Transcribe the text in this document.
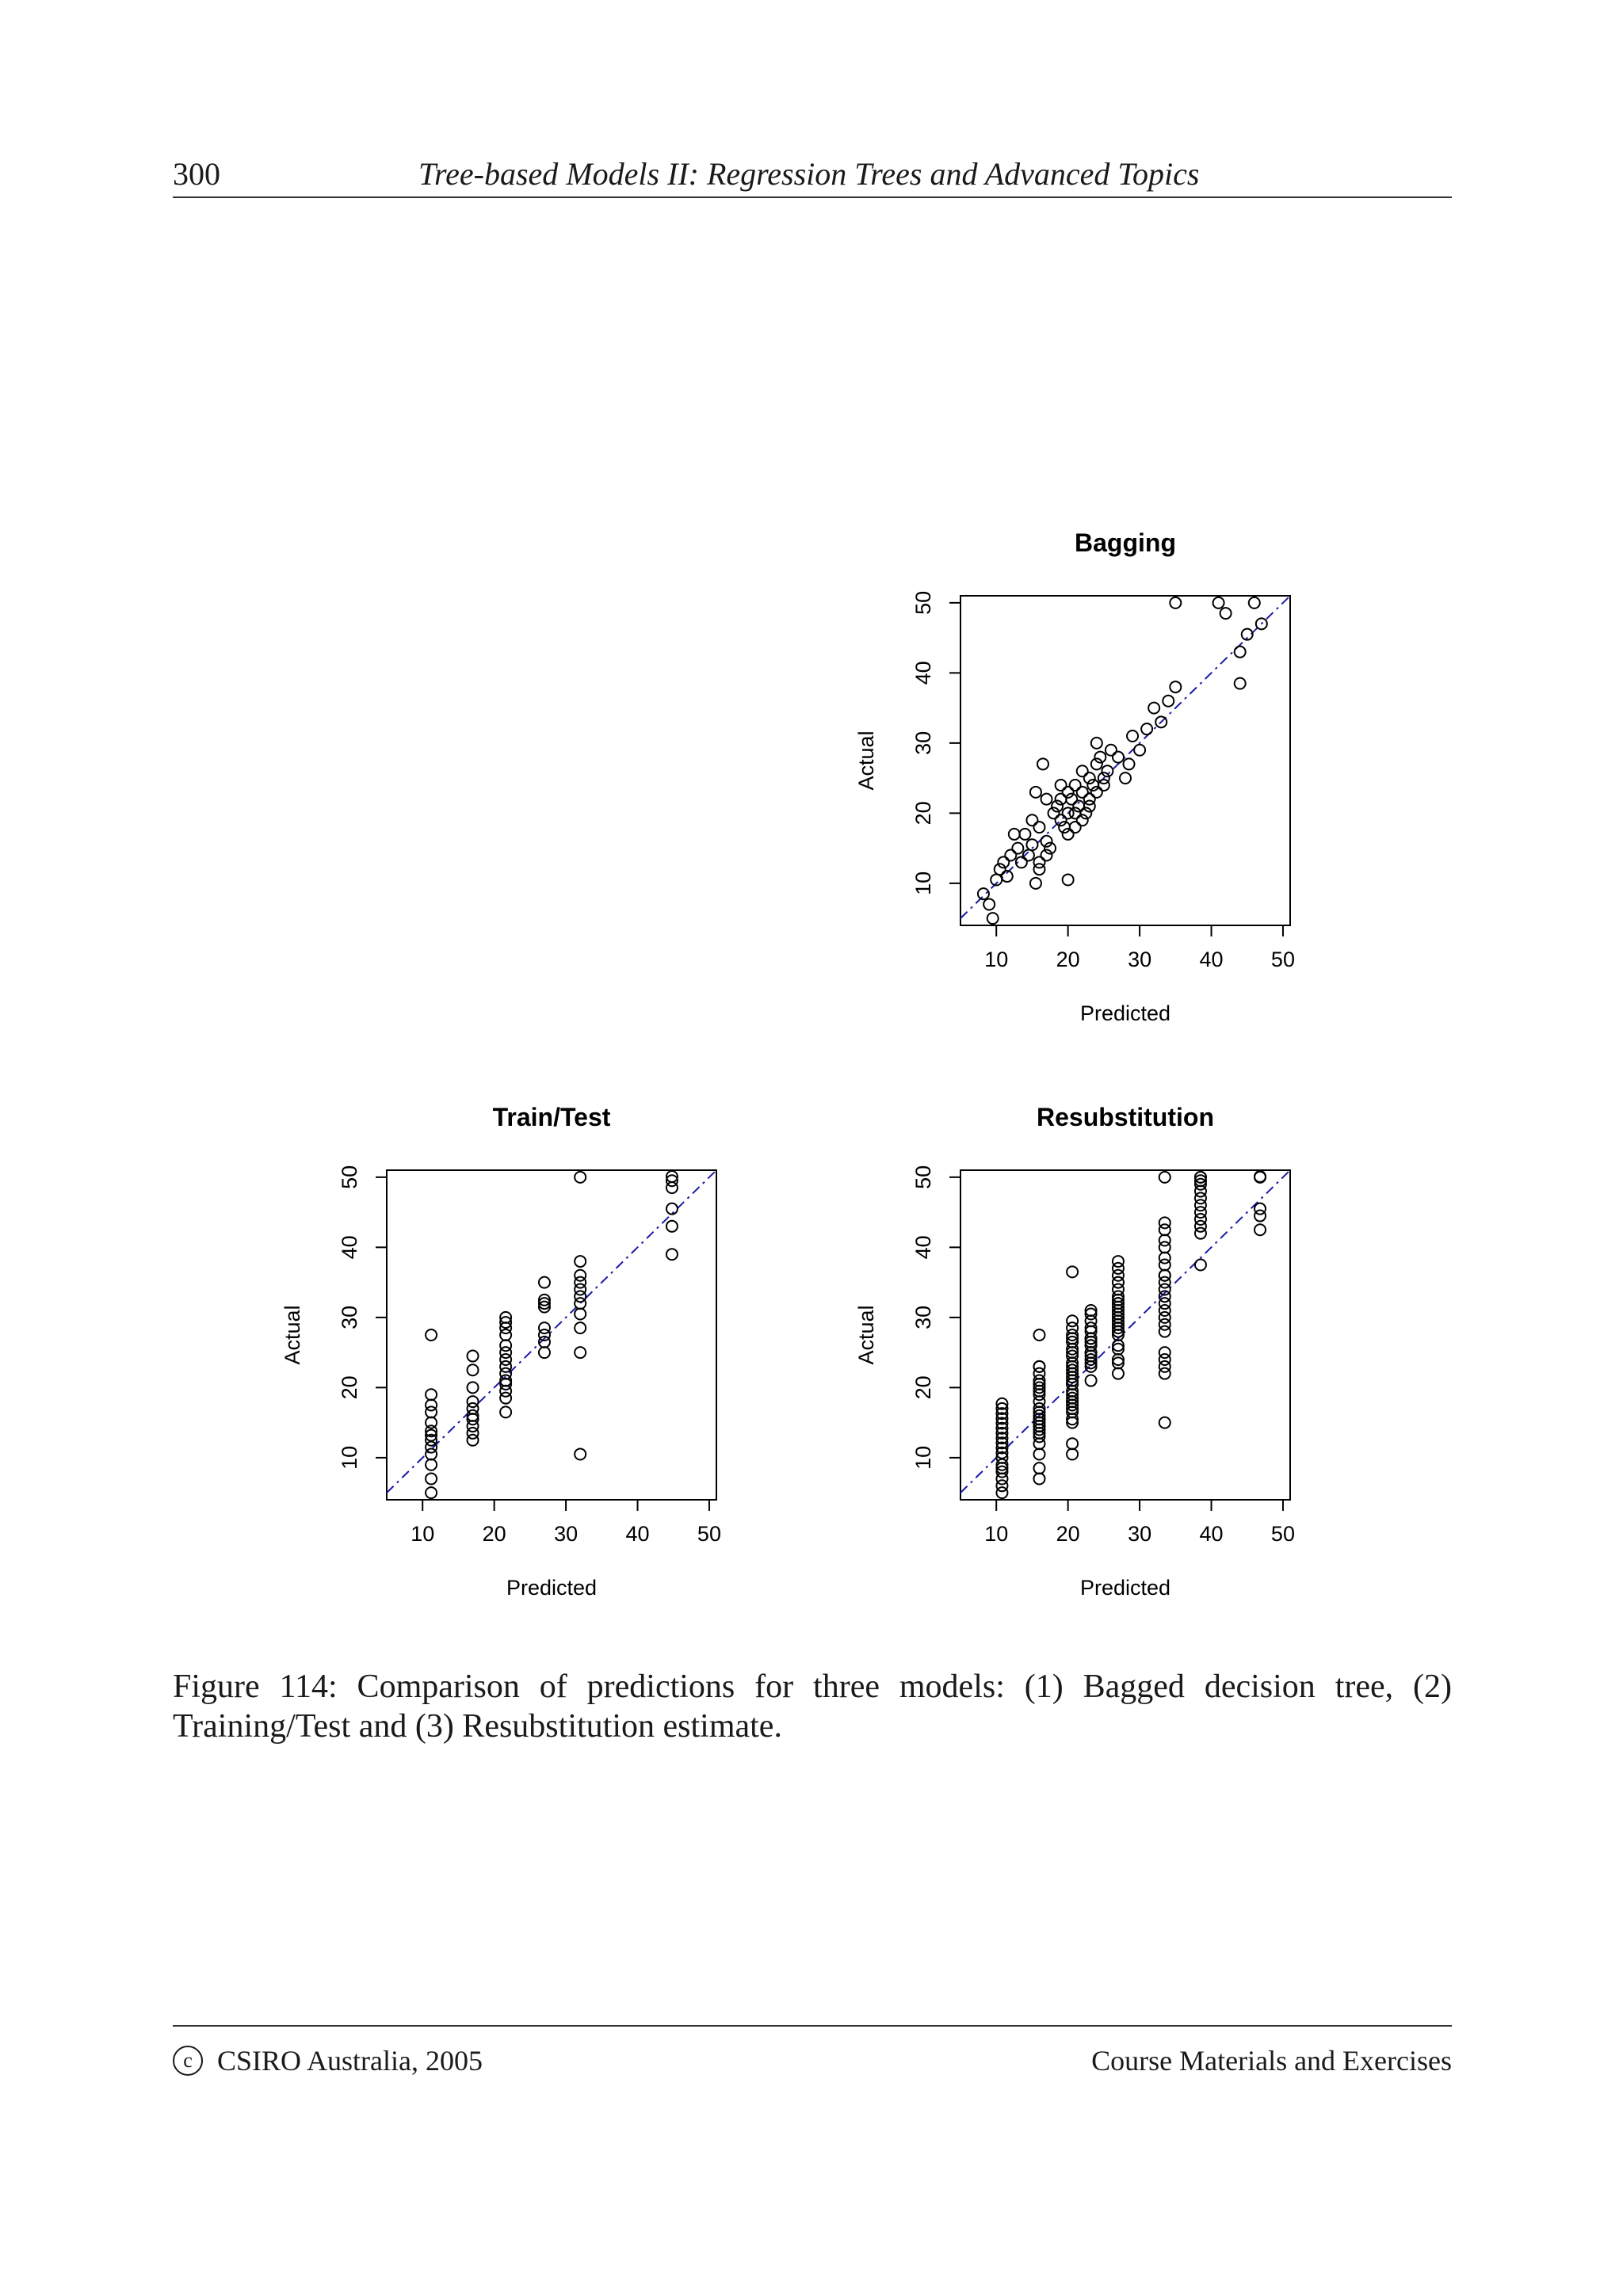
300	Tree-based Models II: Regression Trees and Advanced Topics
Bagging
10 20 30 40 50
10
20
30
40
50
Predicted
Actual
Train/Test
10 20 30 40 50
10
20
30
40
50
Predicted
Actual
Resubstitution
10 20 30 40 50
10
20
30
40
50
Predicted
Actual
Figure 114: Comparison of predictions for three models: (1) Bagged decision tree, (2) Training/Test and (3) Resubstitution estimate.
c CSIRO Australia, 2005	Course Materials and Exercises
